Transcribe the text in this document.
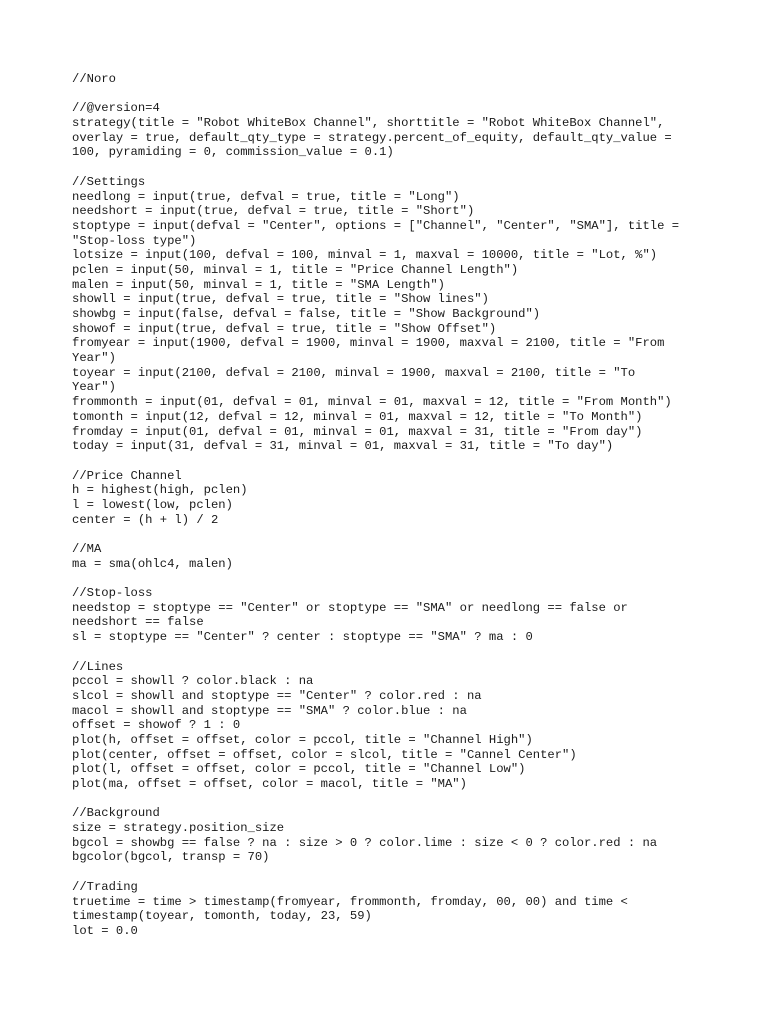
//Noro
//@version=4
strategy(title = "Robot WhiteBox Channel", shorttitle = "Robot WhiteBox Channel",
overlay = true, default_qty_type = strategy.percent_of_equity, default_qty_value =
100, pyramiding = 0, commission_value = 0.1)
//Settings
needlong = input(true, defval = true, title = "Long")
needshort = input(true, defval = true, title = "Short")
stoptype = input(defval = "Center", options = ["Channel", "Center", "SMA"], title =
"Stop-loss type")
lotsize = input(100, defval = 100, minval = 1, maxval = 10000, title = "Lot, %")
pclen = input(50, minval = 1, title = "Price Channel Length")
malen = input(50, minval = 1, title = "SMA Length")
showll = input(true, defval = true, title = "Show lines")
showbg = input(false, defval = false, title = "Show Background")
showof = input(true, defval = true, title = "Show Offset")
fromyear = input(1900, defval = 1900, minval = 1900, maxval = 2100, title = "From
Year")
toyear = input(2100, defval = 2100, minval = 1900, maxval = 2100, title = "To
Year")
frommonth = input(01, defval = 01, minval = 01, maxval = 12, title = "From Month")
tomonth = input(12, defval = 12, minval = 01, maxval = 12, title = "To Month")
fromday = input(01, defval = 01, minval = 01, maxval = 31, title = "From day")
today = input(31, defval = 31, minval = 01, maxval = 31, title = "To day")
//Price Channel
h = highest(high, pclen)
l = lowest(low, pclen)
center = (h + l) / 2
//MA
ma = sma(ohlc4, malen)
//Stop-loss
needstop = stoptype == "Center" or stoptype == "SMA" or needlong == false or
needshort == false
sl = stoptype == "Center" ? center : stoptype == "SMA" ? ma : 0
//Lines
pccol = showll ? color.black : na
slcol = showll and stoptype == "Center" ? color.red : na
macol = showll and stoptype == "SMA" ? color.blue : na
offset = showof ? 1 : 0
plot(h, offset = offset, color = pccol, title = "Channel High")
plot(center, offset = offset, color = slcol, title = "Cannel Center")
plot(l, offset = offset, color = pccol, title = "Channel Low")
plot(ma, offset = offset, color = macol, title = "MA")
//Background
size = strategy.position_size
bgcol = showbg == false ? na : size > 0 ? color.lime : size < 0 ? color.red : na
bgcolor(bgcol, transp = 70)
//Trading
truetime = time > timestamp(fromyear, frommonth, fromday, 00, 00) and time <
timestamp(toyear, tomonth, today, 23, 59)
lot = 0.0
